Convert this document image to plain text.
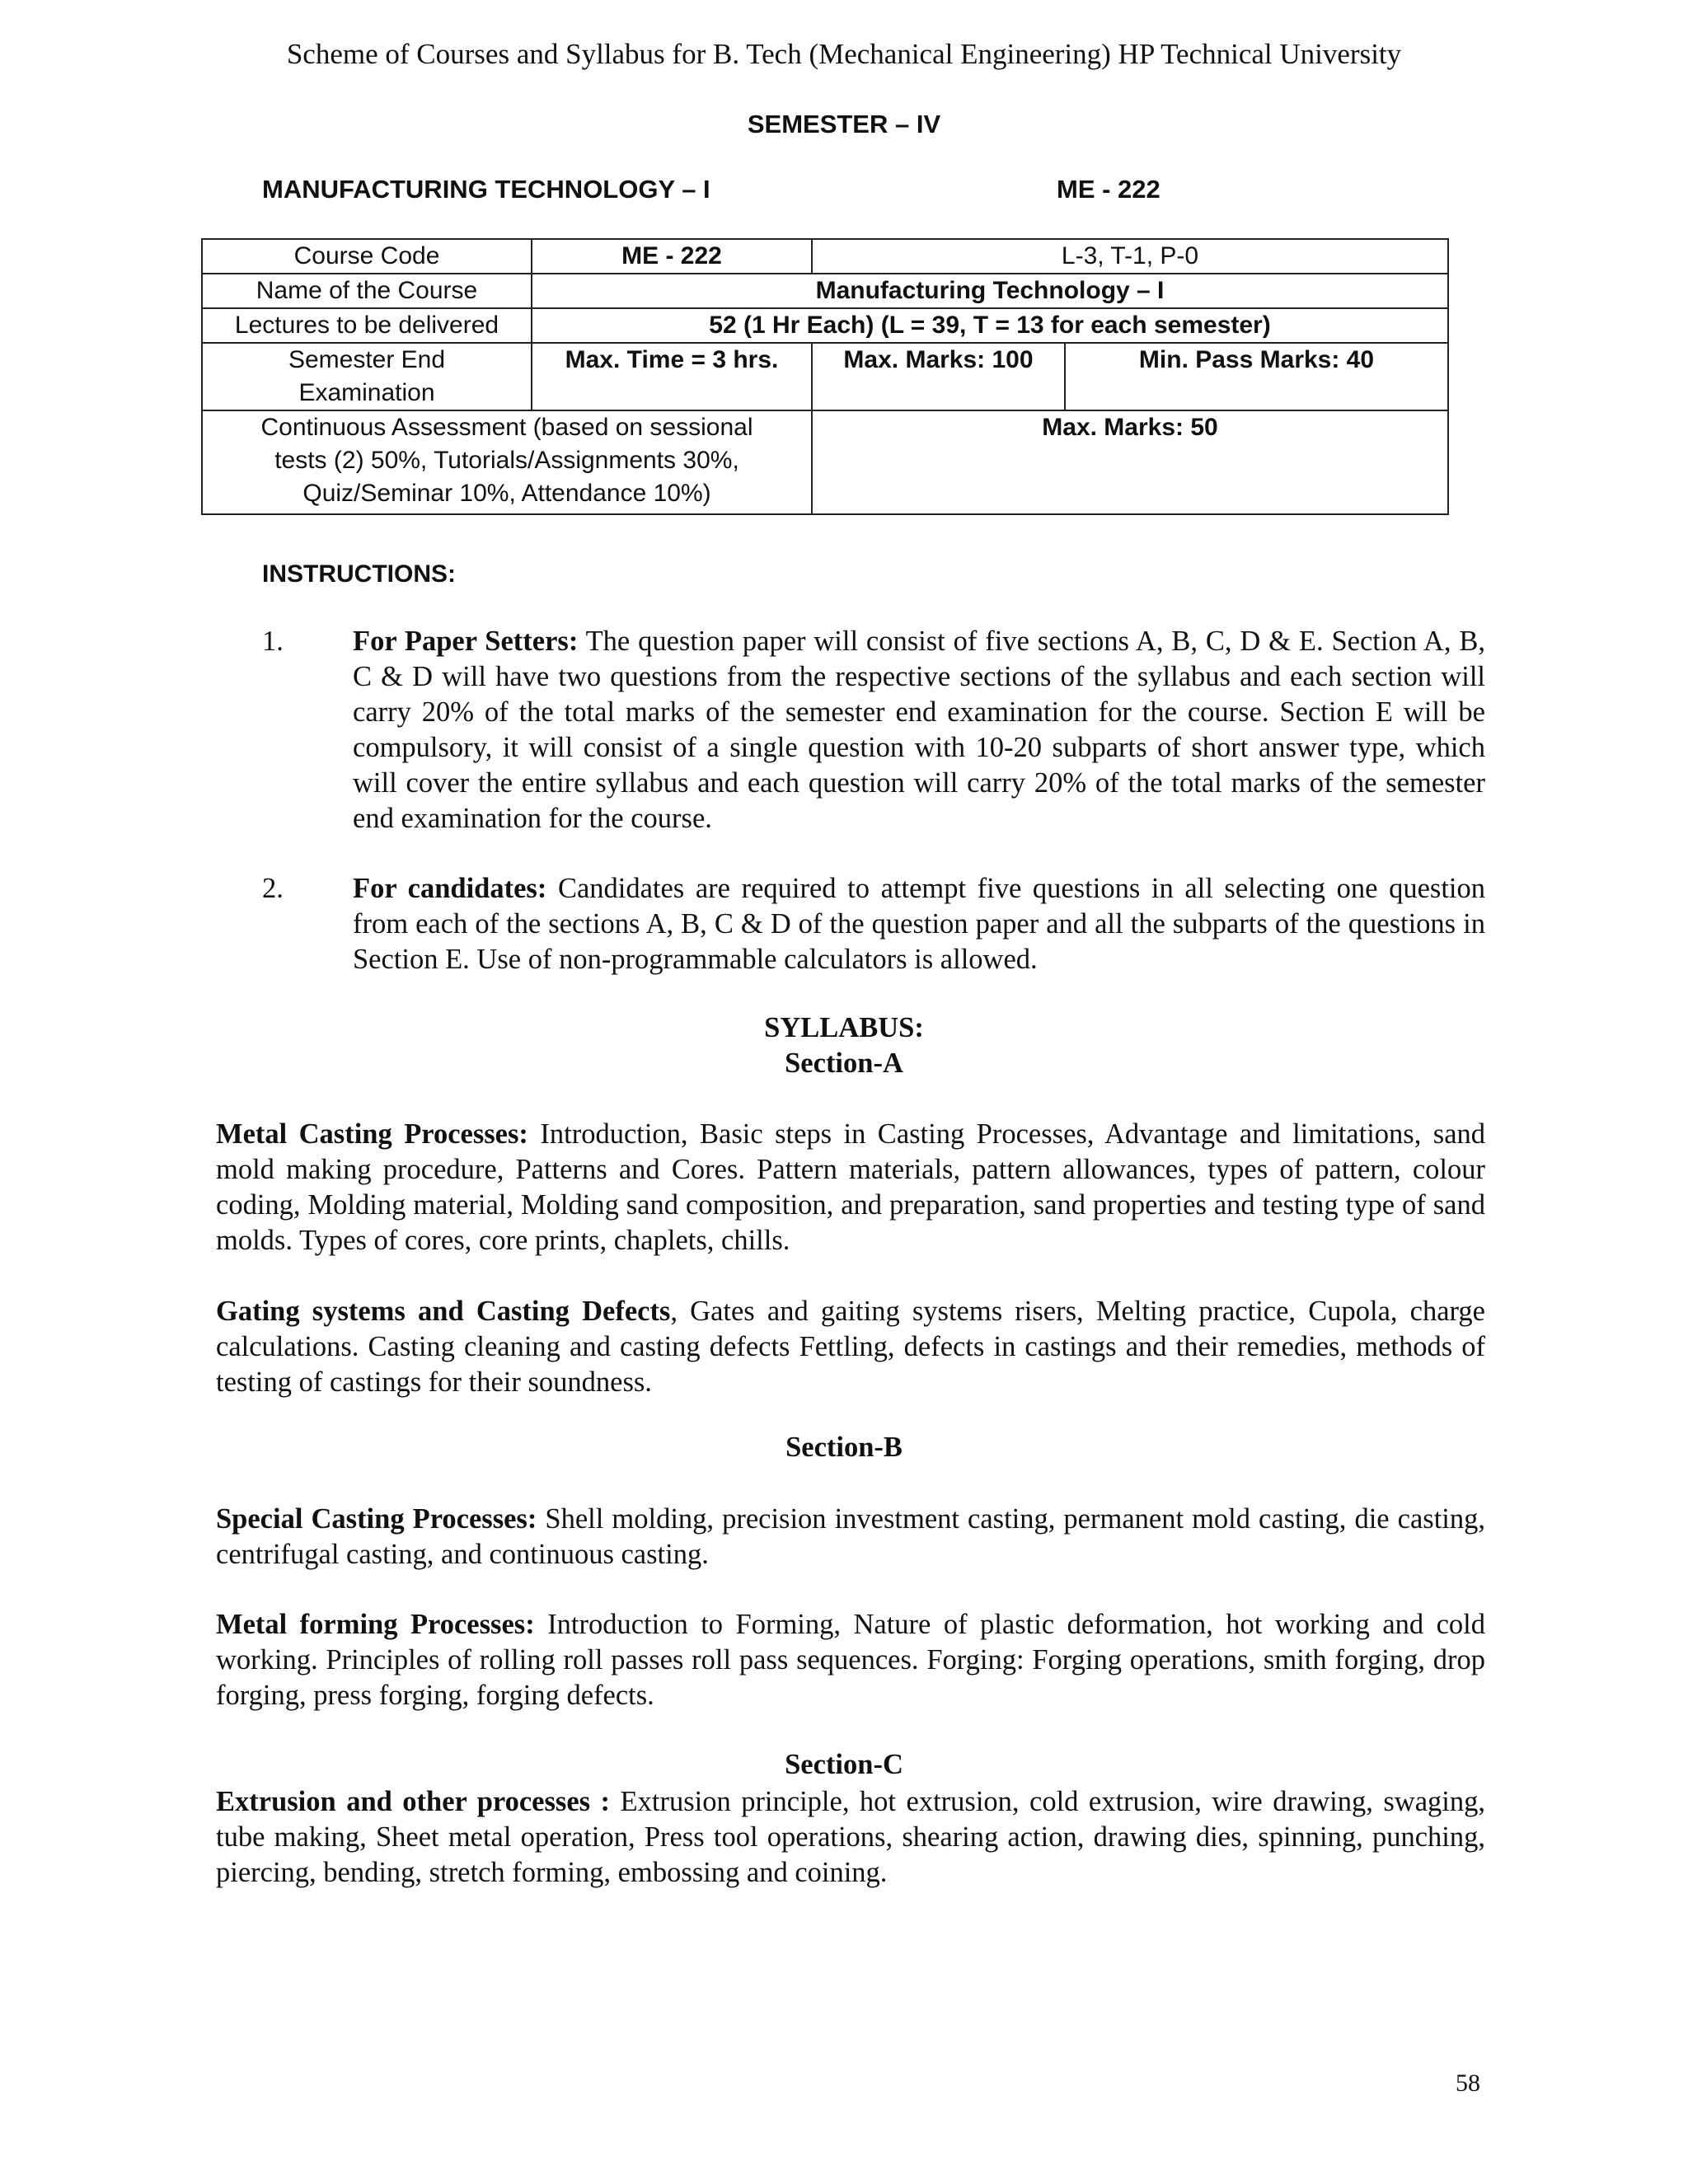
Scheme of Courses and Syllabus for B. Tech (Mechanical Engineering) HP Technical University
SEMESTER – IV
MANUFACTURING TECHNOLOGY – I	ME - 222
Course Code	ME - 222	L-3, T-1, P-0	
Name of the Course	Manufacturing Technology – I		
Lectures to be delivered	52 (1 Hr Each) (L = 39, T = 13 for each semester)		
Semester End Examination	Max. Time = 3 hrs.	Max. Marks: 100	Min. Pass Marks: 40
Continuous Assessment (based on sessional tests (2) 50%, Tutorials/Assignments 30%, Quiz/Seminar 10%, Attendance 10%)		Max. Marks: 50	
INSTRUCTIONS:
1. For Paper Setters: The question paper will consist of five sections A, B, C, D & E. Section A, B, C & D will have two questions from the respective sections of the syllabus and each section will carry 20% of the total marks of the semester end examination for the course. Section E will be compulsory, it will consist of a single question with 10-20 subparts of short answer type, which will cover the entire syllabus and each question will carry 20% of the total marks of the semester end examination for the course.
2. For candidates: Candidates are required to attempt five questions in all selecting one question from each of the sections A, B, C & D of the question paper and all the subparts of the questions in Section E. Use of non-programmable calculators is allowed.
SYLLABUS:
Section-A
Metal Casting Processes: Introduction, Basic steps in Casting Processes, Advantage and limitations, sand mold making procedure, Patterns and Cores. Pattern materials, pattern allowances, types of pattern, colour coding, Molding material, Molding sand composition, and preparation, sand properties and testing type of sand molds. Types of cores, core prints, chaplets, chills.
Gating systems and Casting Defects, Gates and gaiting systems risers, Melting practice, Cupola, charge calculations. Casting cleaning and casting defects Fettling, defects in castings and their remedies, methods of testing of castings for their soundness.
Section-B
Special Casting Processes: Shell molding, precision investment casting, permanent mold casting, die casting, centrifugal casting, and continuous casting.
Metal forming Processes: Introduction to Forming, Nature of plastic deformation, hot working and cold working. Principles of rolling roll passes roll pass sequences. Forging: Forging operations, smith forging, drop forging, press forging, forging defects.
Section-C
Extrusion and other processes : Extrusion principle, hot extrusion, cold extrusion, wire drawing, swaging, tube making, Sheet metal operation, Press tool operations, shearing action, drawing dies, spinning, punching, piercing, bending, stretch forming, embossing and coining.
58
